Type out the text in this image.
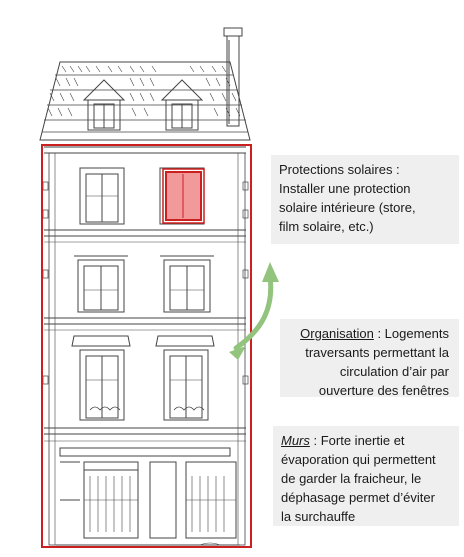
Protections solaires :
Installer une protection
solaire intérieure (store,
film solaire, etc.)
Organisation : Logements
traversants permettant la
circulation d’air par
ouverture des fenêtres
Murs : Forte inertie et
évaporation qui permettent
de garder la fraicheur, le
déphasage permet d’éviter
la surchauffe
